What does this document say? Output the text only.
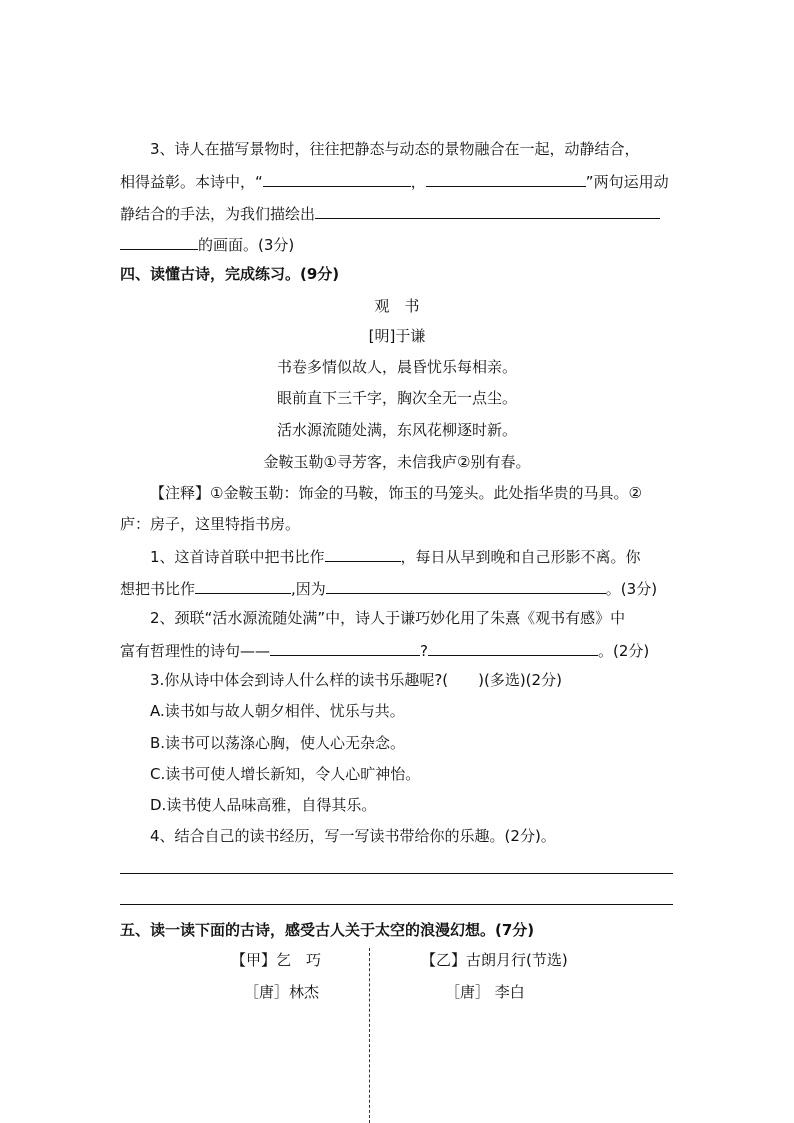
3、诗人在描写景物时，往往把静态与动态的景物融合在一起，动静结合，
相得益彰。本诗中，“	，	”两句运用动
静结合的手法，为我们描绘出
的画面。(3分)
四、读懂古诗，完成练习。(9分)
观　书
[明]于谦
书卷多情似故人，晨昏忧乐每相亲。
眼前直下三千字，胸次全无一点尘。
活水源流随处满，东风花柳逐时新。
金鞍玉勒①寻芳客，未信我庐②别有春。
【注释】①金鞍玉勒：饰金的马鞍，饰玉的马笼头。此处指华贵的马具。②
庐：房子，这里特指书房。
1、这首诗首联中把书比作	，每日从早到晚和自己形影不离。你
想把书比作	,因为	。(3分)
2、颈联“活水源流随处满”中，诗人于谦巧妙化用了朱熹《观书有感》中
富有哲理性的诗句——	?	。(2分)
3.你从诗中体会到诗人什么样的读书乐趣呢?(　　)(多选)(2分)
A.读书如与故人朝夕相伴、忧乐与共。
B.读书可以荡涤心胸，使人心无杂念。
C.读书可使人增长新知，令人心旷神怡。
D.读书使人品味高雅，自得其乐。
4、结合自己的读书经历，写一写读书带给你的乐趣。(2分)。
五、读一读下面的古诗，感受古人关于太空的浪漫幻想。(7分)
【甲】乞　巧
［唐］林杰
【乙】古朗月行(节选)
［唐］ 李白
